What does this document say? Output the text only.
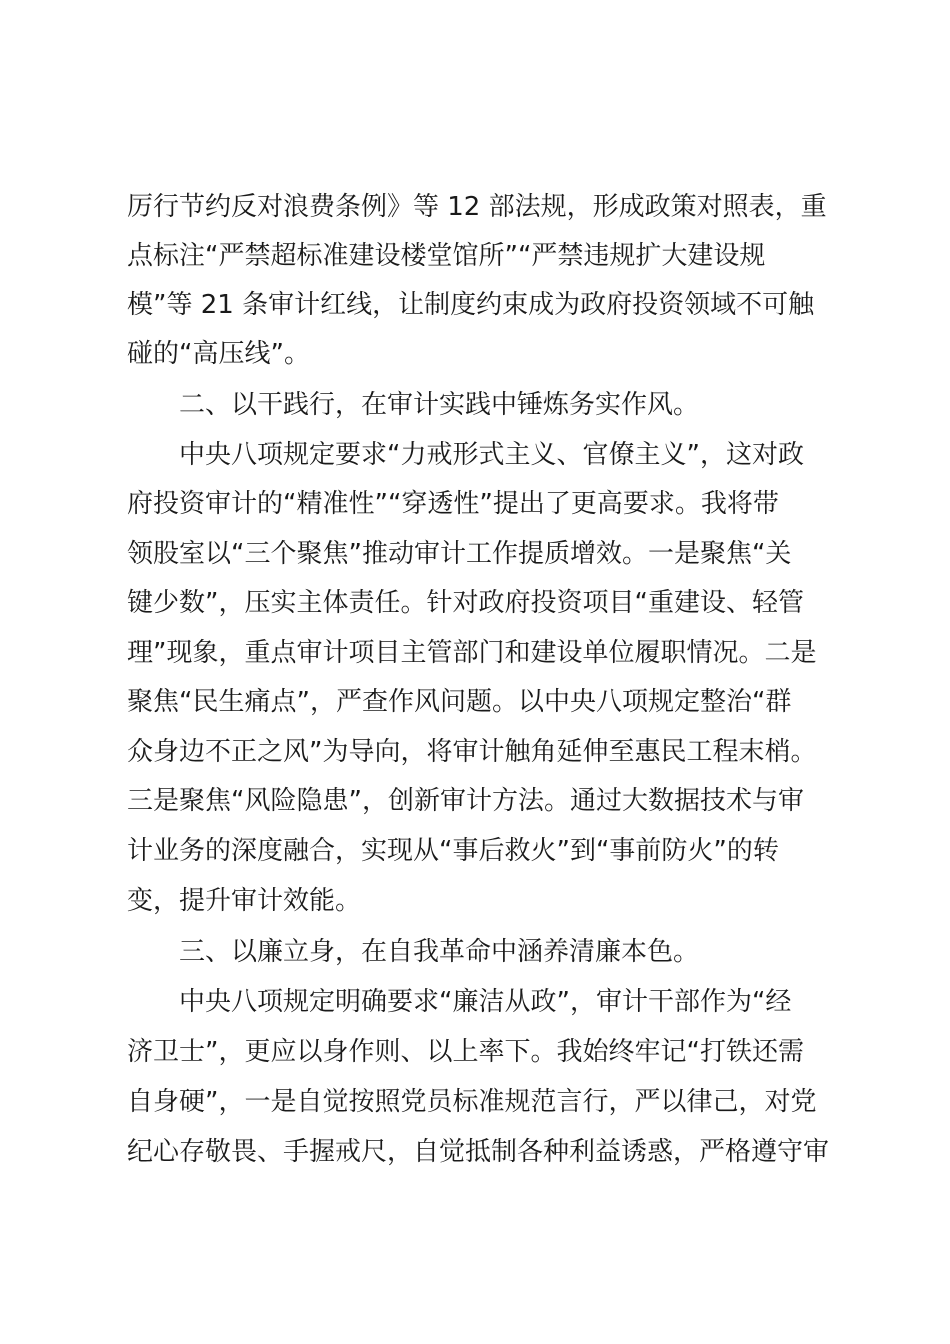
厉行节约反对浪费条例》等 12 部法规，形成政策对照表，重
点标注“严禁超标准建设楼堂馆所”“严禁违规扩大建设规
模”等 21 条审计红线，让制度约束成为政府投资领域不可触
碰的“高压线”。
二、以干践行，在审计实践中锤炼务实作风。
中央八项规定要求“力戒形式主义、官僚主义”，这对政
府投资审计的“精准性”“穿透性”提出了更高要求。我将带
领股室以“三个聚焦”推动审计工作提质增效。一是聚焦“关
键少数”，压实主体责任。针对政府投资项目“重建设、轻管
理”现象，重点审计项目主管部门和建设单位履职情况。二是
聚焦“民生痛点”，严查作风问题。以中央八项规定整治“群
众身边不正之风”为导向，将审计触角延伸至惠民工程末梢。
三是聚焦“风险隐患”，创新审计方法。通过大数据技术与审
计业务的深度融合，实现从“事后救火”到“事前防火”的转
变，提升审计效能。
三、以廉立身，在自我革命中涵养清廉本色。
中央八项规定明确要求“廉洁从政”，审计干部作为“经
济卫士”，更应以身作则、以上率下。我始终牢记“打铁还需
自身硬”，一是自觉按照党员标准规范言行，严以律己，对党
纪心存敬畏、手握戒尺，自觉抵制各种利益诱惑，严格遵守审
